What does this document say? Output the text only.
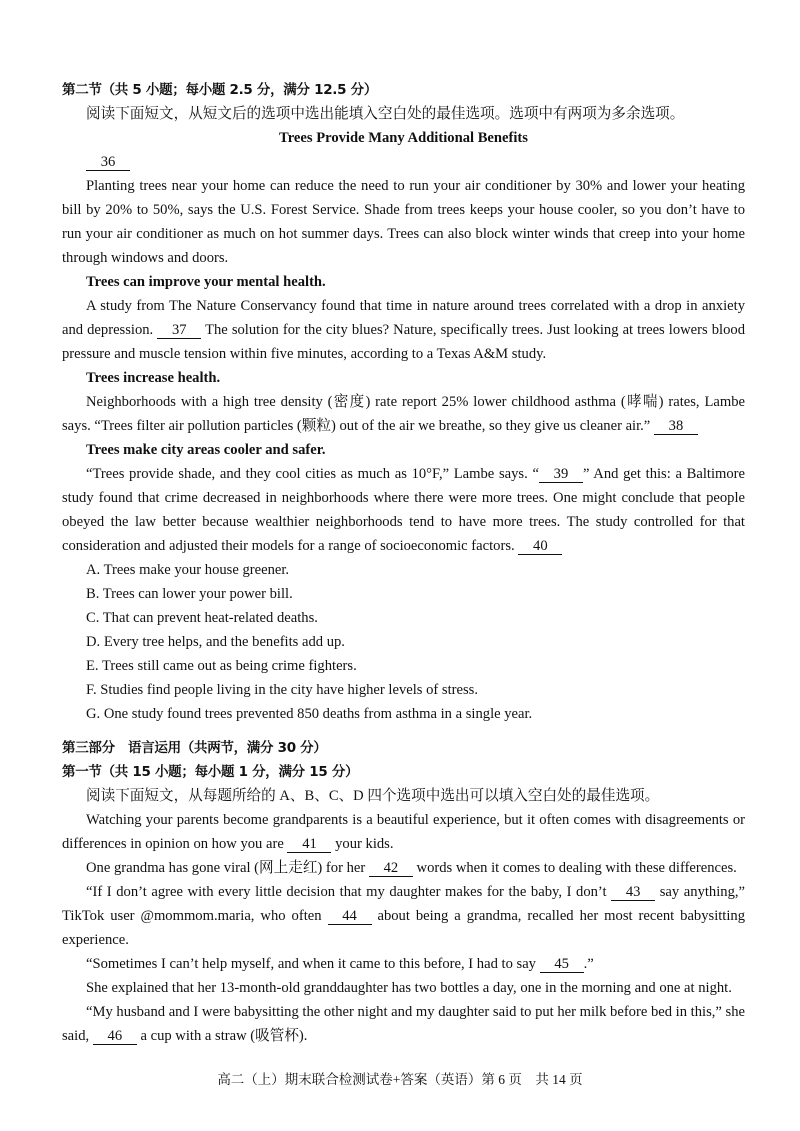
第二节（共 5 小题；每小题 2.5 分，满分 12.5 分）

阅读下面短文，从短文后的选项中选出能填入空白处的最佳选项。选项中有两项为多余选项。

Trees Provide Many Additional Benefits

36

Planting trees near your home can reduce the need to run your air conditioner by 30% and lower your heating bill by 20% to 50%, says the U.S. Forest Service. Shade from trees keeps your house cooler, so you don’t have to run your air conditioner as much on hot summer days. Trees can also block winter winds that creep into your home through windows and doors.

Trees can improve your mental health.

A study from The Nature Conservancy found that time in nature around trees correlated with a drop in anxiety and depression. 37 The solution for the city blues? Nature, specifically trees. Just looking at trees lowers blood pressure and muscle tension within five minutes, according to a Texas A&M study.

Trees increase health.

Neighborhoods with a high tree density (密度) rate report 25% lower childhood asthma (哮喘) rates, Lambe says. “Trees filter air pollution particles (颗粒) out of the air we breathe, so they give us cleaner air.” 38

Trees make city areas cooler and safer.

“Trees provide shade, and they cool cities as much as 10°F,” Lambe says. “ 39 ” And get this: a Baltimore study found that crime decreased in neighborhoods where there were more trees. One might conclude that people obeyed the law better because wealthier neighborhoods tend to have more trees. The study controlled for that consideration and adjusted their models for a range of socioeconomic factors. 40

A. Trees make your house greener.

B. Trees can lower your power bill.

C. That can prevent heat-related deaths.

D. Every tree helps, and the benefits add up.

E. Trees still came out as being crime fighters.

F. Studies find people living in the city have higher levels of stress.

G. One study found trees prevented 850 deaths from asthma in a single year.

第三部分　语言运用（共两节，满分 30 分）

第一节（共 15 小题；每小题 1 分，满分 15 分）

阅读下面短文，从每题所给的 A、B、C、D 四个选项中选出可以填入空白处的最佳选项。

Watching your parents become grandparents is a beautiful experience, but it often comes with disagreements or differences in opinion on how you are 41 your kids.

One grandma has gone viral (网上走红) for her 42 words when it comes to dealing with these differences.

“If I don’t agree with every little decision that my daughter makes for the baby, I don’t 43 say anything,” TikTok user @mommom.maria, who often 44 about being a grandma, recalled her most recent babysitting experience.

“Sometimes I can’t help myself, and when it came to this before, I had to say 45 .”

She explained that her 13-month-old granddaughter has two bottles a day, one in the morning and one at night.

“My husband and I were babysitting the other night and my daughter said to put her milk before bed in this,” she said, 46 a cup with a straw (吸管杯).

高二（上）期末联合检测试卷+答案（英语）第 6 页　共 14 页
